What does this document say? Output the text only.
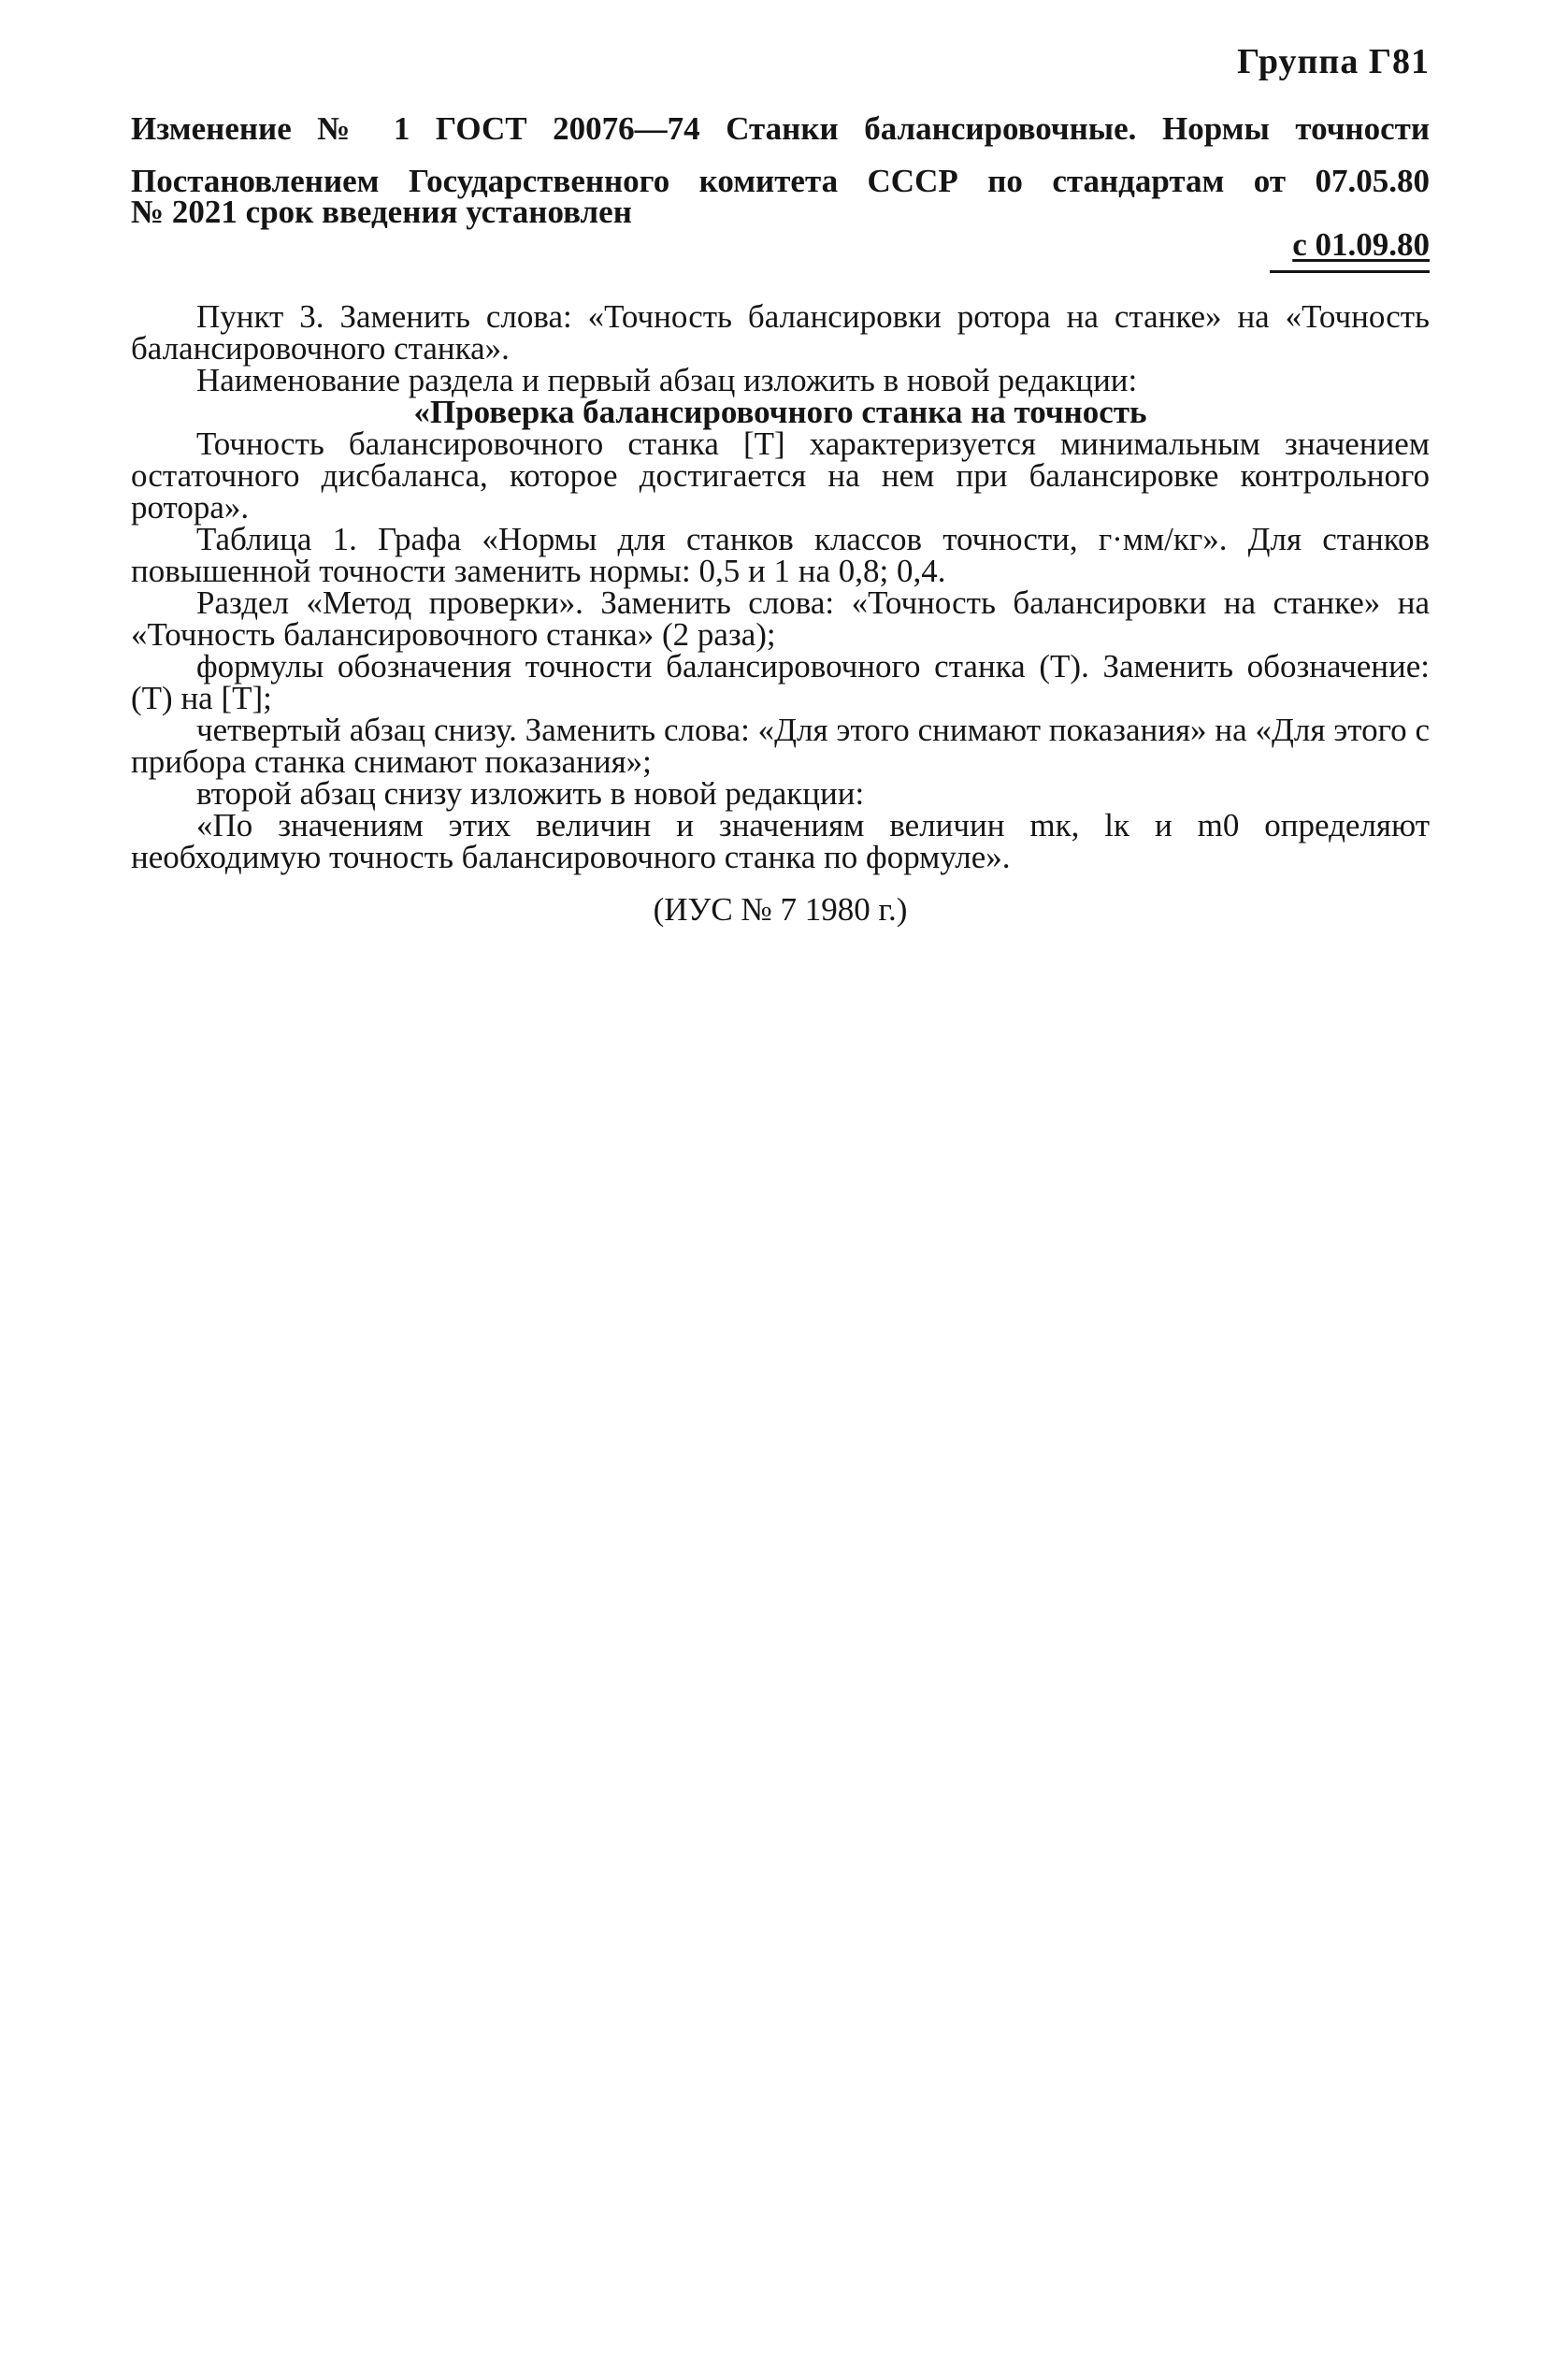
Группа Г81
Изменение № 1 ГОСТ 20076—74 Станки балансировочные. Нормы точности
Постановлением Государственного комитета СССР по стандартам от 07.05.80
№ 2021 срок введения установлен
с 01.09.80

Пункт 3. Заменить слова: «Точность балансировки ротора на станке» на «Точность балансировочного станка».

Наименование раздела и первый абзац изложить в новой редакции:

«Проверка балансировочного станка на точность

Точность балансировочного станка [Т] характеризуется минимальным значением остаточного дисбаланса, которое достигается на нем при балансировке контрольного ротора».

Таблица 1. Графа «Нормы для станков классов точности, г·мм/кг». Для станков повышенной точности заменить нормы: 0,5 и 1 на 0,8; 0,4.

Раздел «Метод проверки». Заменить слова: «Точность балансировки на станке» на «Точность балансировочного станка» (2 раза);

формулы обозначения точности балансировочного станка (Т). Заменить обозначение: (Т) на [Т];

четвертый абзац снизу. Заменить слова: «Для этого снимают показания» на «Для этого с прибора станка снимают показания»;

второй абзац снизу изложить в новой редакции:

«По значениям этих величин и значениям величин mк, lк и m0 определяют необходимую точность балансировочного станка по формуле».

(ИУС № 7 1980 г.)
